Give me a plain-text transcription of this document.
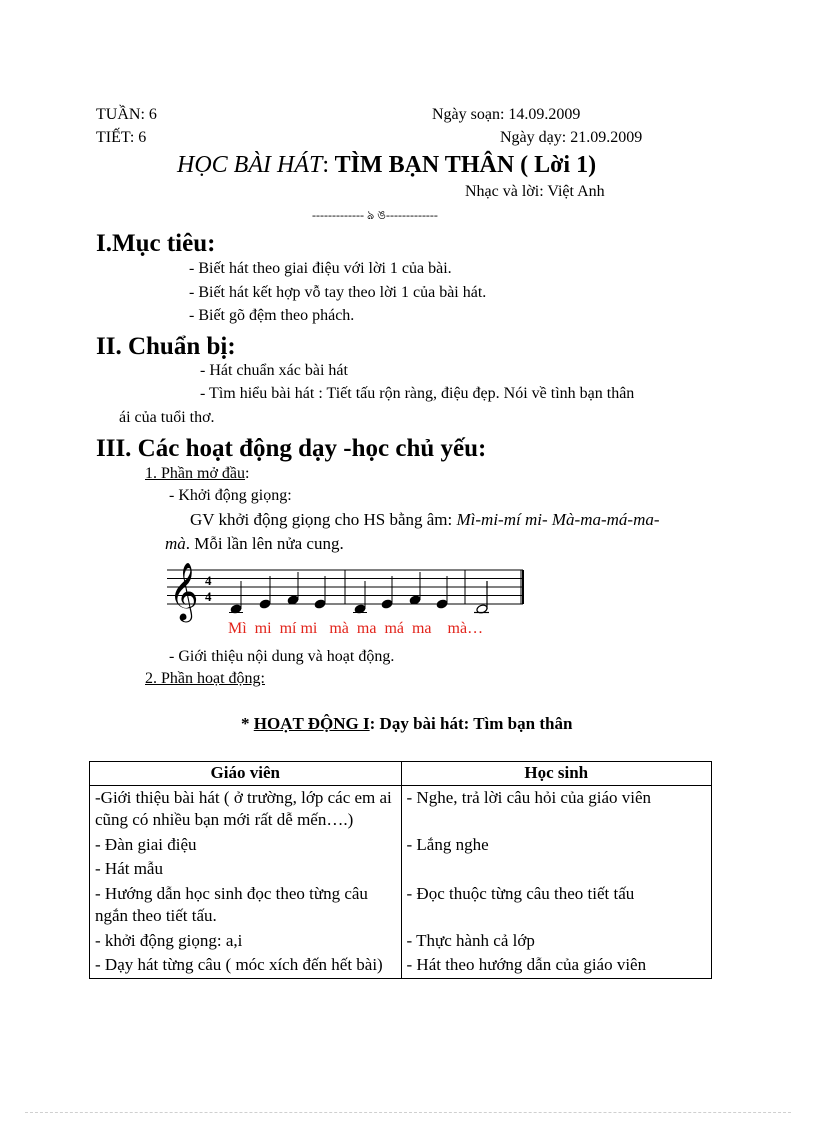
TUẦN: 6	Ngày soạn: 14.09.2009
TIẾT: 6	Ngày dạy: 21.09.2009
HỌC BÀI HÁT: TÌM BẠN THÂN ( Lời 1)
Nhạc và lời: Việt Anh
------------- ঌ ঙ-------------
I.Mục tiêu:
- Biết hát theo giai điệu với lời 1 của bài.
- Biết hát kết hợp vỗ tay theo lời 1 của bài hát.
- Biết gõ đệm theo phách.
II. Chuẩn bị:
- Hát chuẩn xác bài hát
- Tìm hiểu bài hát : Tiết tấu rộn ràng, điệu đẹp. Nói về tình bạn thân
ái của tuổi thơ.
III. Các hoạt động dạy -học chủ yếu:
1. Phần mở đầu:
- Khởi động giọng:
GV khởi động giọng cho HS bằng âm: Mì-mi-mí mi- Mà-ma-má-ma-
mà. Mỗi lần lên nửa cung.
𝄞 4
4
Mì  mi  mí mi   mà  ma  má  ma    mà…
- Giới thiệu nội dung và hoạt động.
2. Phần hoạt động:
* HOẠT ĐỘNG I: Dạy bài hát: Tìm bạn thân
Giáo viên	Học sinh
-Giới thiệu bài hát ( ở trường, lớp các em ai cũng có nhiều bạn mới rất dễ mến….)	- Nghe, trả lời câu hỏi của giáo viên
- Đàn giai điệu	- Lắng nghe
- Hát mẫu	
- Hướng dẫn học sinh đọc theo từng câu ngắn theo tiết tấu.	- Đọc thuộc từng câu theo tiết tấu
- khởi động giọng: a,i	- Thực hành cả lớp
- Dạy hát từng câu ( móc xích đến hết bài)	- Hát theo hướng dẫn của giáo viên
